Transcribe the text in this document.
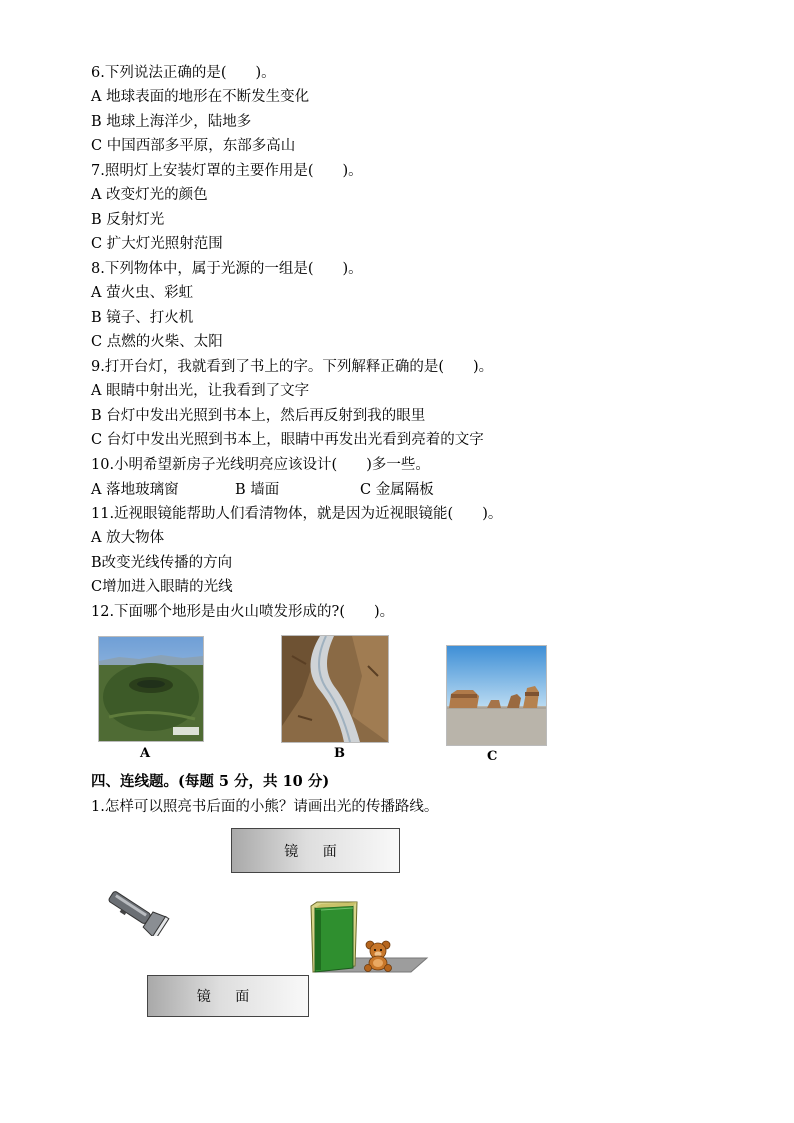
6.下列说法正确的是(　　)。
A 地球表面的地形在不断发生变化
B 地球上海洋少，陆地多
C 中国西部多平原，东部多高山
7.照明灯上安装灯罩的主要作用是(　　)。
A 改变灯光的颜色
B 反射灯光
C 扩大灯光照射范围
8.下列物体中，属于光源的一组是(　　)。
A 萤火虫、彩虹
B 镜子、打火机
C 点燃的火柴、太阳
9.打开台灯，我就看到了书上的字。下列解释正确的是(　　)。
A 眼睛中射出光，让我看到了文字
B 台灯中发出光照到书本上，然后再反射到我的眼里
C 台灯中发出光照到书本上，眼睛中再发出光看到亮着的文字
10.小明希望新房子光线明亮应该设计(　　)多一些。
A 落地玻璃窗	B 墙面	C 金属隔板
11.近视眼镜能帮助人们看清物体，就是因为近视眼镜能(　　)。
A 放大物体
B改变光线传播的方向
C增加进入眼睛的光线
12.下面哪个地形是由火山喷发形成的?(　　)。
A	B	C
四、连线题。(每题 5 分，共 10 分)
1.怎样可以照亮书后面的小熊？请画出光的传播路线。
镜 面
镜 面
